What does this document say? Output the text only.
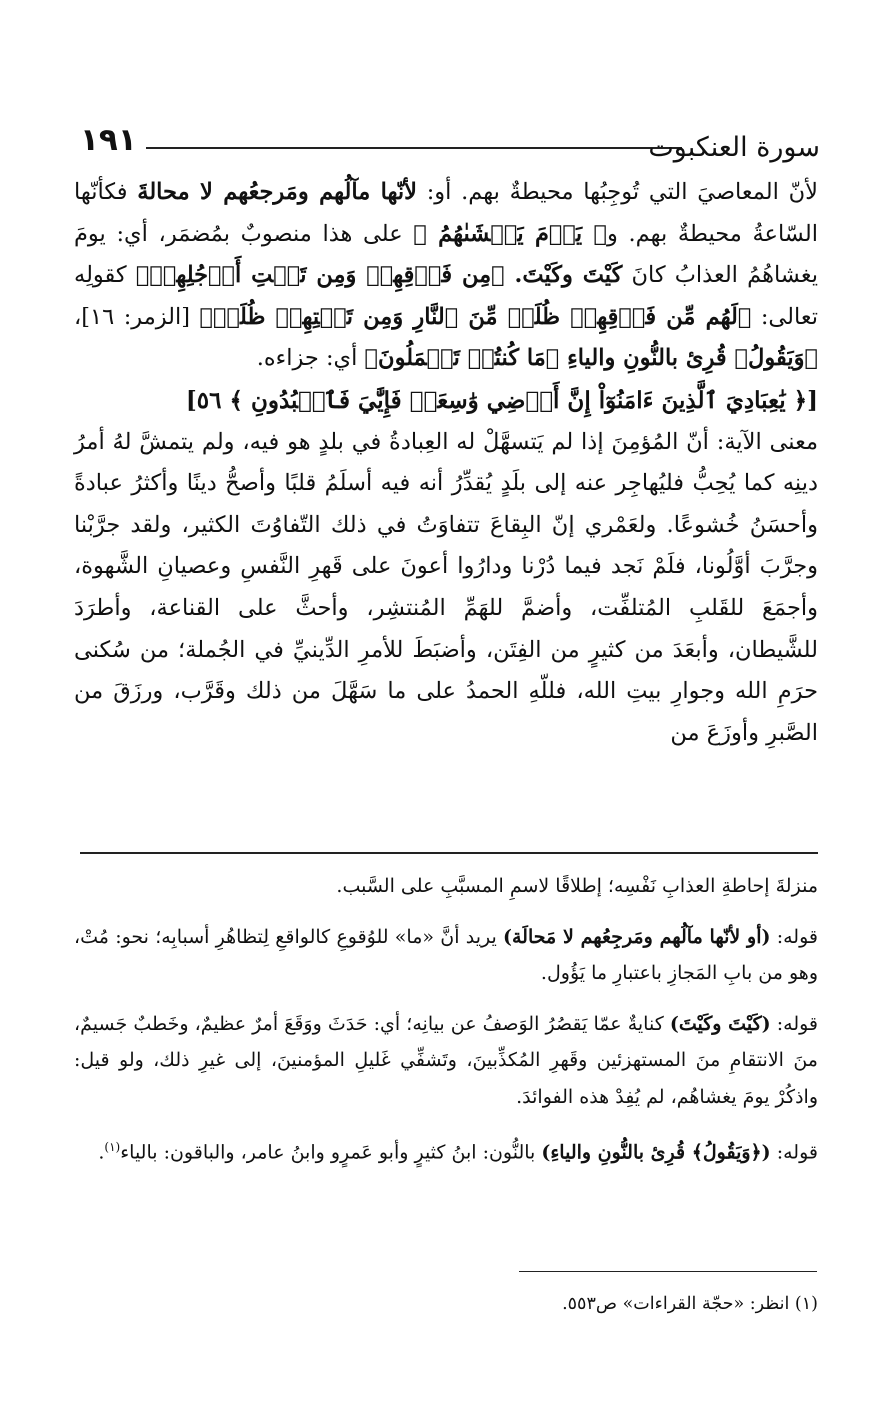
١٩١	سورة العنكبوت

لأنّ المعاصيَ التي تُوجِبُها محيطةٌ بهم. أو: لأنّها مآلُهم ومَرجعُهم لا محالةَ فكأنّها السّاعةُ محيطةٌ بهم. و﴿ يَوۡمَ يَغۡشَىٰهُمُ ﴾ على هذا منصوبٌ بمُضمَر، أي: يومَ يغشاهُمُ العذابُ كانَ كَيْتَ وكَيْتَ. ﴿مِن فَوۡقِهِمۡ وَمِن تَحۡتِ أَرۡجُلِهِمۡ﴾ كقولِه تعالى: ﴿لَهُم مِّن فَوۡقِهِمۡ ظُلَلٞ مِّنَ ٱلنَّارِ وَمِن تَحۡتِهِمۡ ظُلَلٞ﴾ [الزمر: ١٦]، ﴿وَيَقُولُ﴾ قُرِئ بالنُّونِ والياءِ ﴿مَا كُنتُمۡ تَعۡمَلُونَ﴾ أي: جزاءه.

[﴿ يَٰعِبَادِيَ ٱلَّذِينَ ءَامَنُوٓاْ إِنَّ أَرۡضِي وَٰسِعَةٞ فَإِيَّٰيَ فَٱعۡبُدُونِ ﴾ ٥٦]

معنى الآية: أنّ المُؤمِنَ إذا لم يَتسهَّلْ له العِبادةُ في بلدٍ هو فيه، ولم يتمشَّ لهُ أمرُ دينِه كما يُحِبُّ فليُهاجِر عنه إلى بلَدٍ يُقدِّرُ أنه فيه أسلَمُ قلبًا وأصحُّ دينًا وأكثرُ عبادةً وأحسَنُ خُشوعًا. ولعَمْري إنّ البِقاعَ تتفاوَتُ في ذلك التّفاوُتَ الكثير، ولقد جرَّبْنا وجرَّبَ أوَّلُونا، فلَمْ نَجد فيما دُرْنا ودارُوا أعونَ على قَهرِ النَّفسِ وعصيانِ الشَّهوة، وأجمَعَ للقَلبِ المُتلفِّت، وأضمَّ للهَمِّ المُنتشِر، وأحثَّ على القناعة، وأطرَدَ للشَّيطان، وأبعَدَ من كثيرٍ من الفِتَن، وأضبَطَ للأمرِ الدِّينيِّ في الجُملة؛ من سُكنى حرَمِ الله وجوارِ بيتِ الله، فللّهِ الحمدُ على ما سَهَّلَ من ذلك وقَرَّب، ورزَقَ من الصَّبرِ وأوزَعَ من

منزلةَ إحاطةِ العذابِ نَفْسِه؛ إطلاقًا لاسمِ المسبَّبِ على السَّبب.

قوله: (أو لأنّها مآلُهم ومَرجِعُهم لا مَحالَة) يريد أنَّ «ما» للوُقوعِ كالواقعِ لِتظاهُرِ أسبابِه؛ نحو: مُتْ، وهو من بابِ المَجازِ باعتبارِ ما يَؤُول.

قوله: (كَيْتَ وكَيْتَ) كنايةٌ عمّا يَقصُرُ الوَصفُ عن بيانِه؛ أي: حَدَثَ ووَقَعَ أمرٌ عظيمٌ، وخَطبٌ جَسيمٌ، منَ الانتقامِ منَ المستهزئين وقَهرِ المُكذِّبينَ، وتَشفِّي غَليلِ المؤمنينَ، إلى غيرِ ذلك، ولو قيل: واذكُرْ يومَ يغشاهُم، لم يُفِدْ هذه الفوائدَ.

قوله: (﴿وَيَقُولُ﴾ قُرِئ بالنُّونِ والياءِ) بالنُّون: ابنُ كثيرٍ وأبو عَمرٍو وابنُ عامر، والباقون: بالياء$^{(١)}$.

(١) انظر: «حجّة القراءات» ص٥٥٣.
